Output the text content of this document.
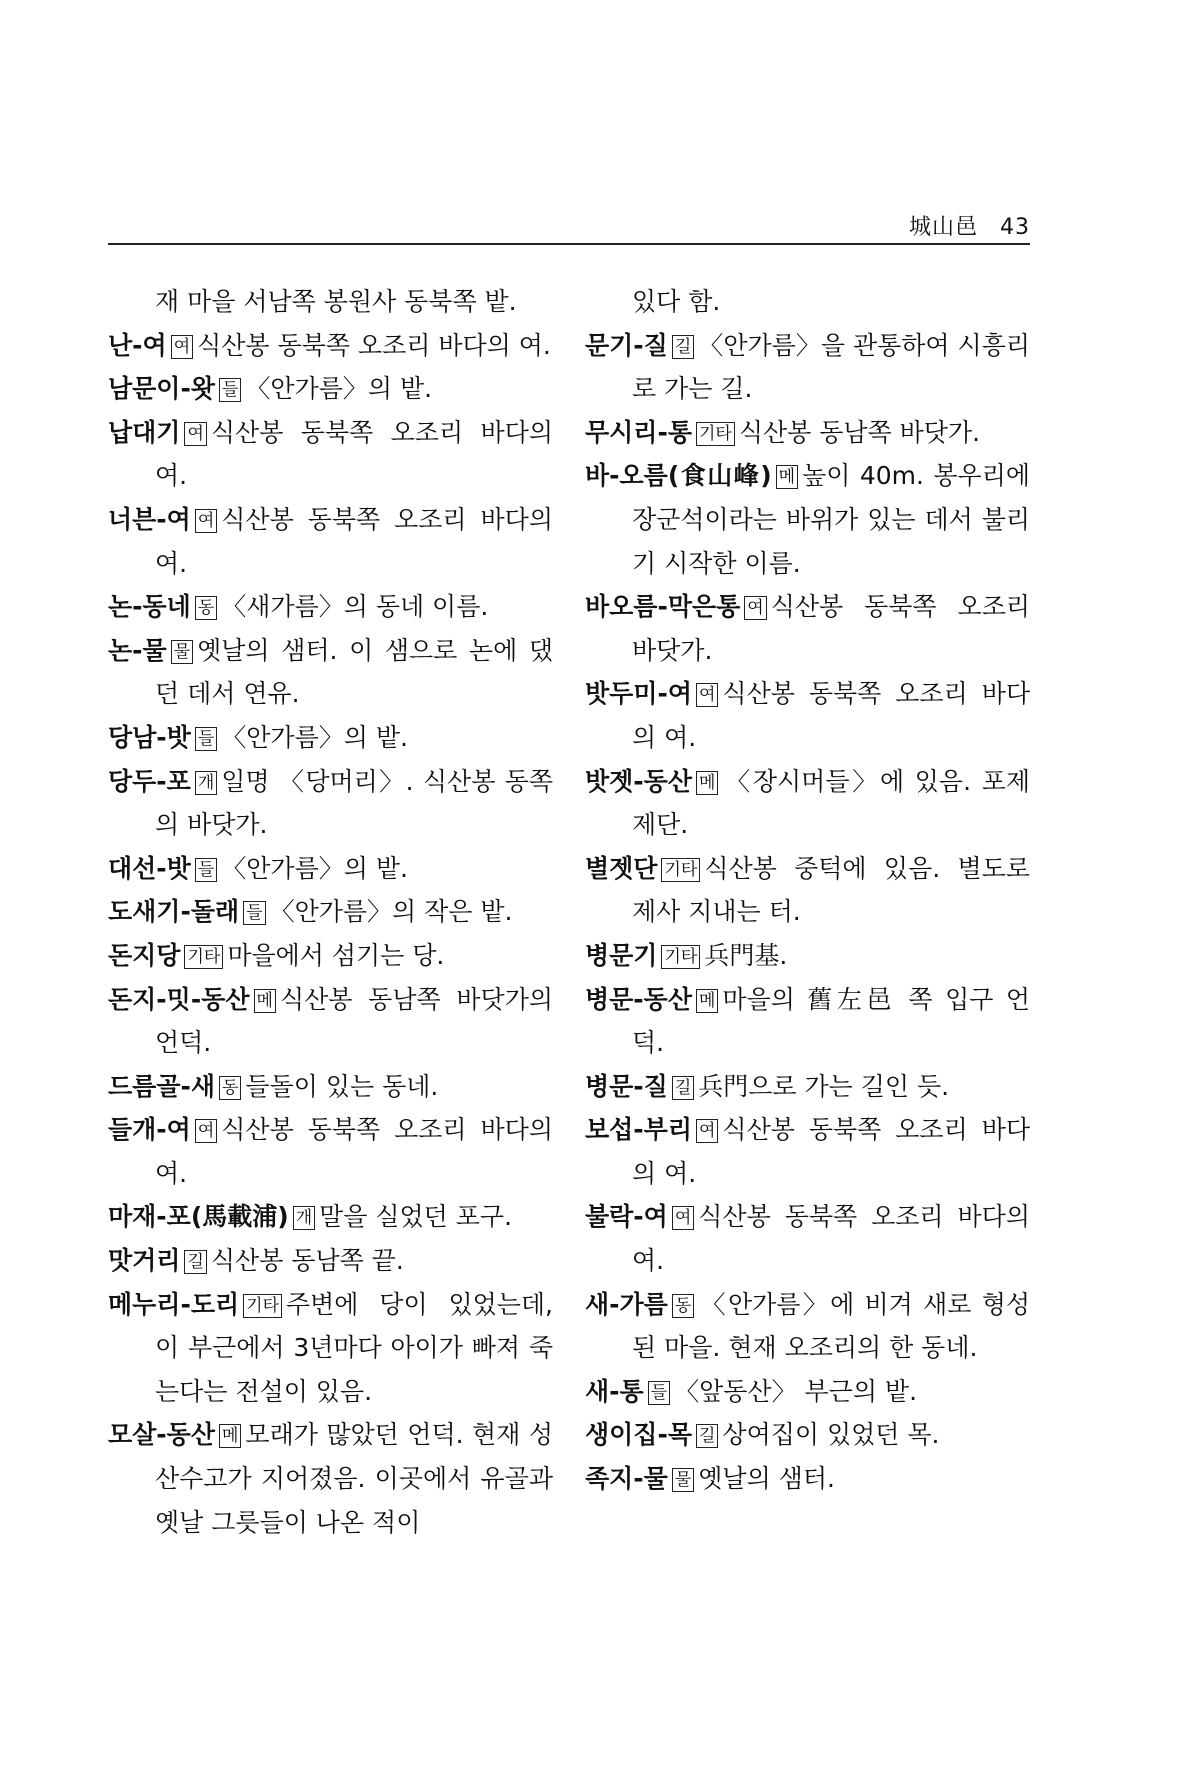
城山邑 43

재 마을 서남쪽 봉원사 동북쪽 밭.

난-여 여 식산봉 동북쪽 오조리 바다의 여.

남문이-왓 들 〈안가름〉의 밭.

납대기 여 식산봉 동북쪽 오조리 바다의 여.

너븐-여 여 식산봉 동북쪽 오조리 바다의 여.

논-동네 동 〈새가름〉의 동네 이름.

논-물 물 옛날의 샘터. 이 샘으로 논에 댔던 데서 연유.

당남-밧 들 〈안가름〉의 밭.

당두-포 개 일명 〈당머리〉. 식산봉 동쪽의 바닷가.

대선-밧 들 〈안가름〉의 밭.

도새기-돌래 들 〈안가름〉의 작은 밭.

돈지당 기타 마을에서 섬기는 당.

돈지-밋-동산 메 식산봉 동남쪽 바닷가의 언덕.

드름골-새 동 들돌이 있는 동네.

들개-여 여 식산봉 동북쪽 오조리 바다의 여.

마재-포(馬載浦) 개 말을 실었던 포구.

맛거리 길 식산봉 동남쪽 끝.

메누리-도리 기타 주변에 당이 있었는데, 이 부근에서 3년마다 아이가 빠져 죽는다는 전설이 있음.

모살-동산 메 모래가 많았던 언덕. 현재 성산수고가 지어졌음. 이곳에서 유골과 옛날 그릇들이 나온 적이

있다 함.

문기-질 길 〈안가름〉을 관통하여 시흥리로 가는 길.

무시리-통 기타 식산봉 동남쪽 바닷가.

바-오름(食山峰) 메 높이 40m. 봉우리에 장군석이라는 바위가 있는 데서 불리기 시작한 이름.

바오름-막은통 여 식산봉 동북쪽 오조리 바닷가.

밧두미-여 여 식산봉 동북쪽 오조리 바다의 여.

밧젯-동산 메 〈장시머들〉에 있음. 포제 제단.

별젯단 기타 식산봉 중턱에 있음. 별도로 제사 지내는 터.

병문기 기타 兵門基.

병문-동산 메 마을의 舊左邑 쪽 입구 언덕.

병문-질 길 兵門으로 가는 길인 듯.

보섭-부리 여 식산봉 동북쪽 오조리 바다의 여.

불락-여 여 식산봉 동북쪽 오조리 바다의 여.

새-가름 동 〈안가름〉에 비겨 새로 형성된 마을. 현재 오조리의 한 동네.

새-통 들 〈앞동산〉 부근의 밭.

생이집-목 길 상여집이 있었던 목.

족지-물 물 옛날의 샘터.
